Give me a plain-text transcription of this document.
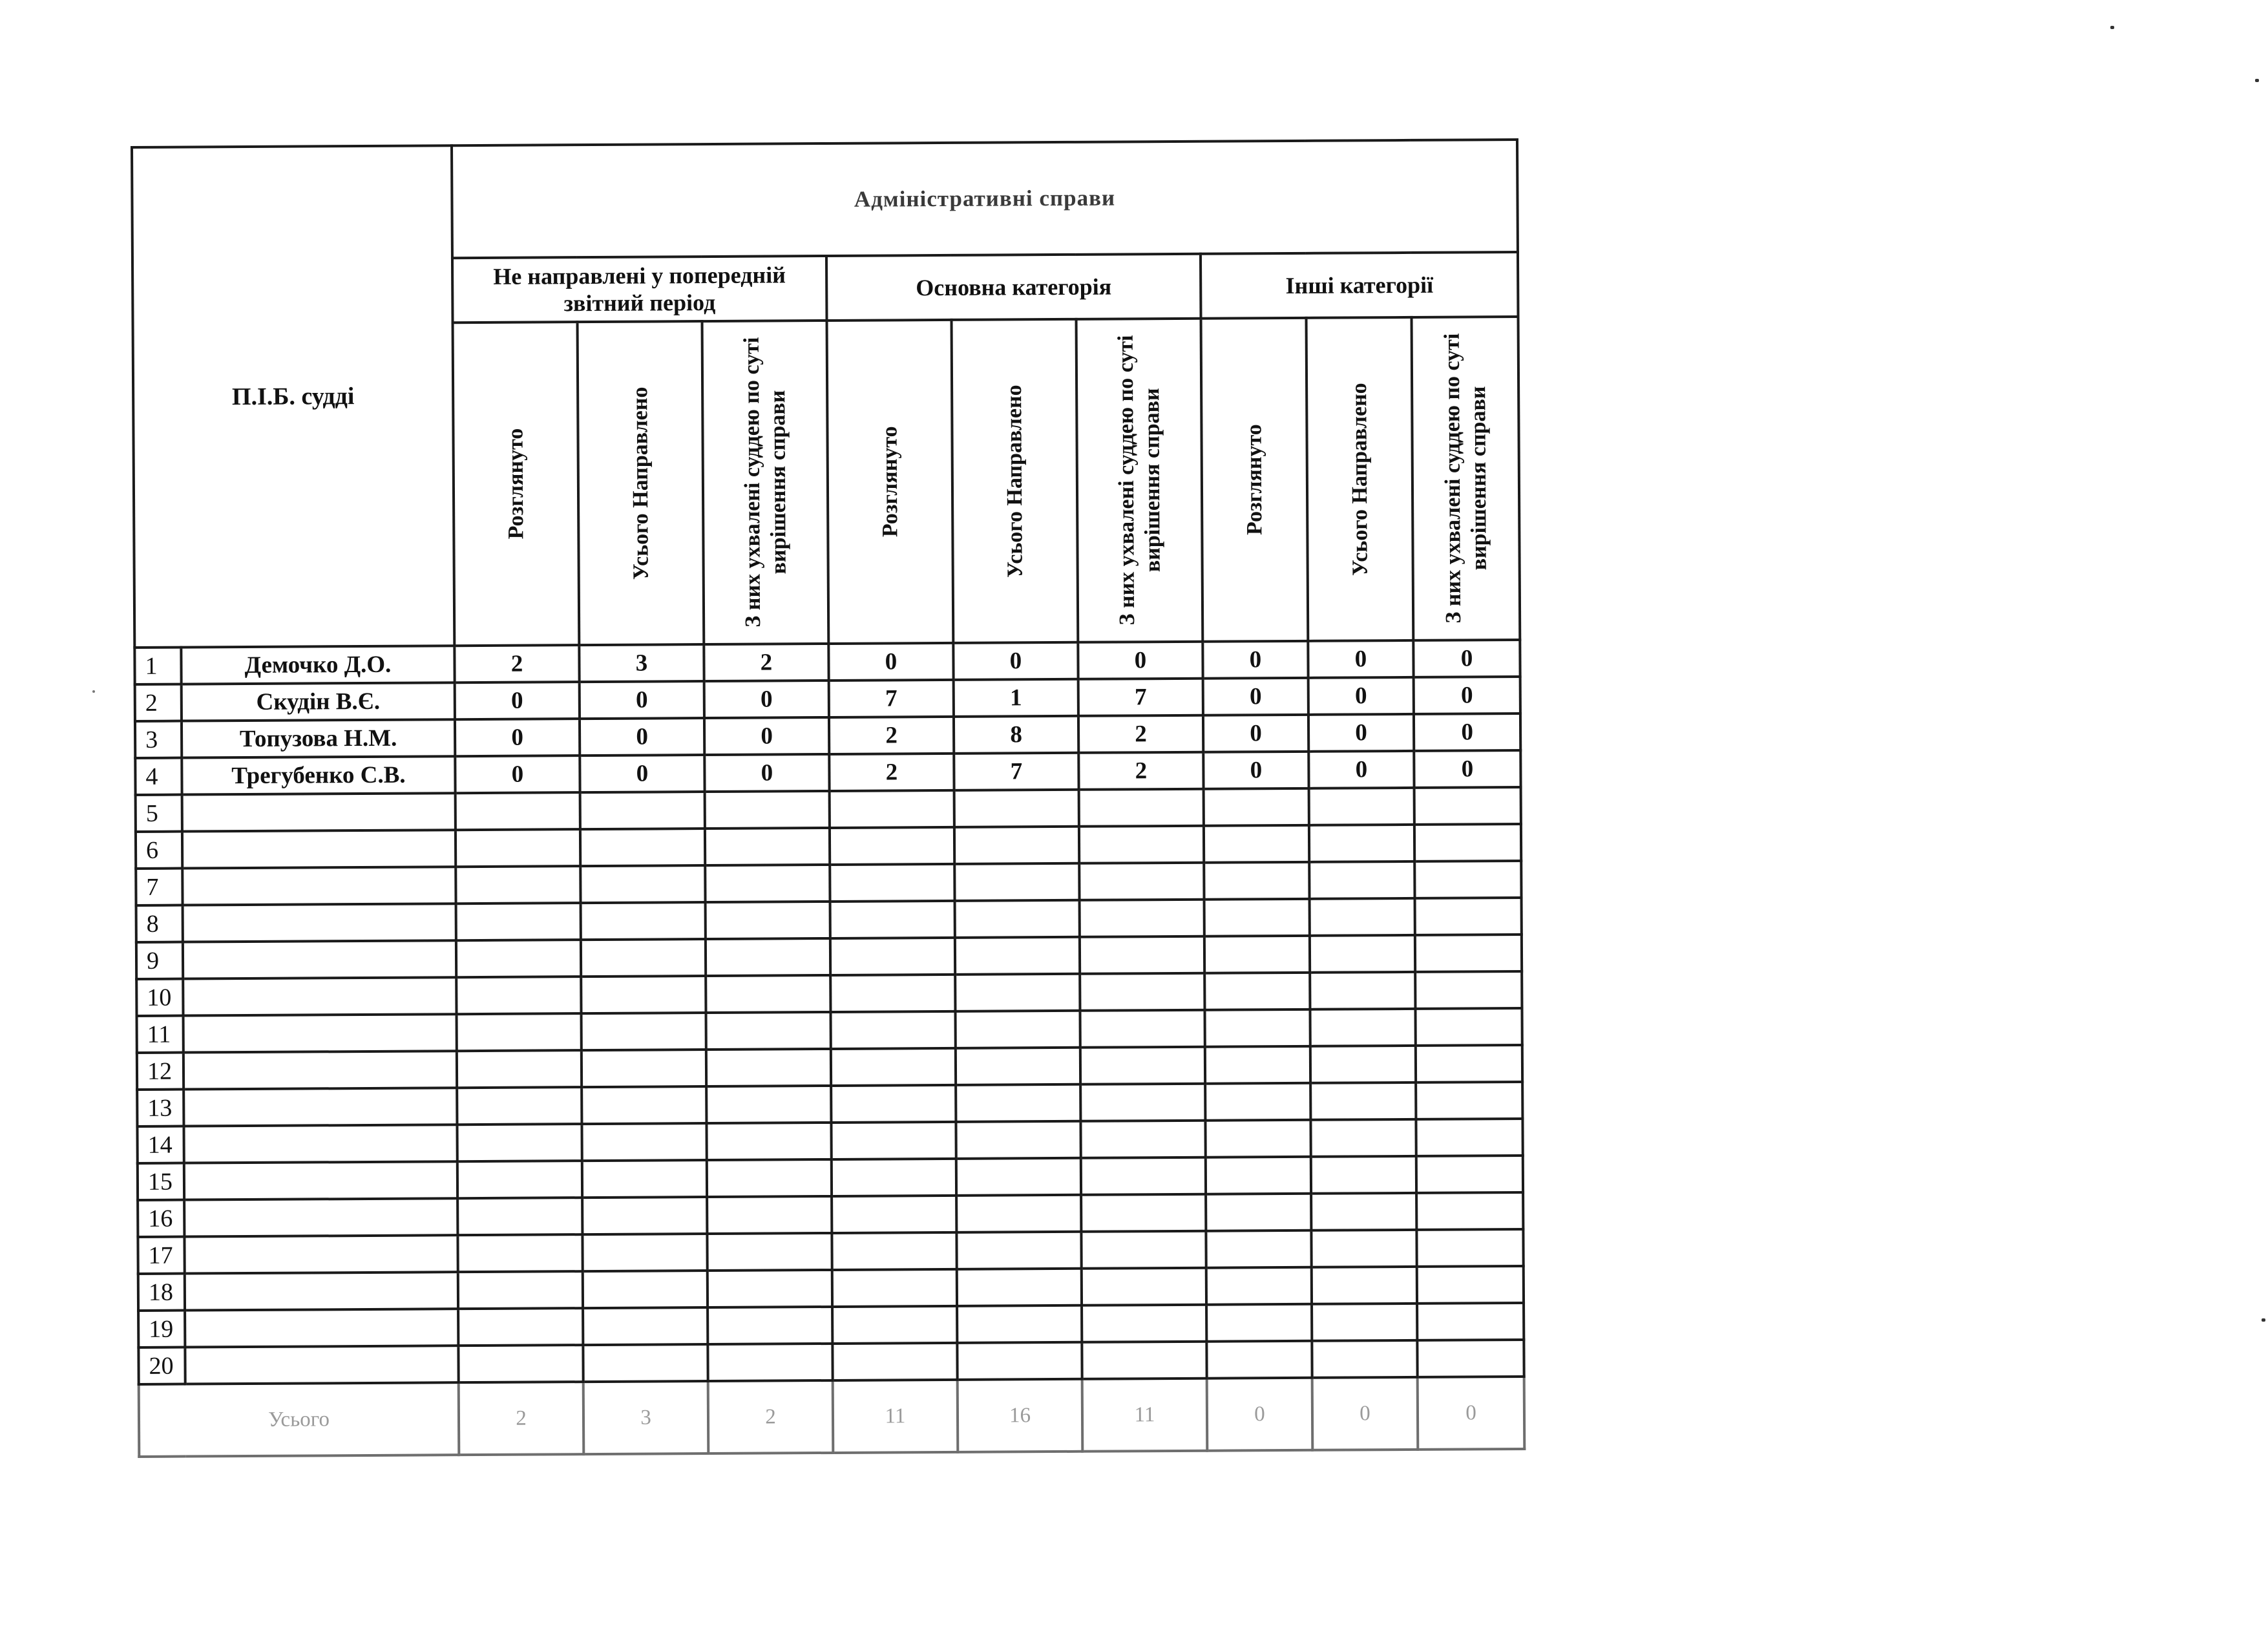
П.І.Б. судді		Адміністративні справи								
		Не направлені у попередній звітний період			Основна категорія			Інші категорії		

		Розглянуто	Усього Направлено	З них ухвалені суддею по суті вирішення справи	Розглянуто	Усього Направлено	З них ухвалені суддею по суті вирішення справи	Розглянуто	Усього Направлено	З них ухвалені суддею по суті вирішення справи

1	Демочко Д.О.	2	3	2	0	0	0	0	0	0
2	Скудін В.Є.	0	0	0	7	1	7	0	0	0
3	Топузова Н.М.	0	0	0	2	8	2	0	0	0
4	Трегубенко С.В.	0	0	0	2	7	2	0	0	0
5										
6										
7										
8										
9										
10										
11										
12										
13										
14										
15										
16										
17										
18										
19										
20										
Усього		2	3	2	11	16	11	0	0	0
